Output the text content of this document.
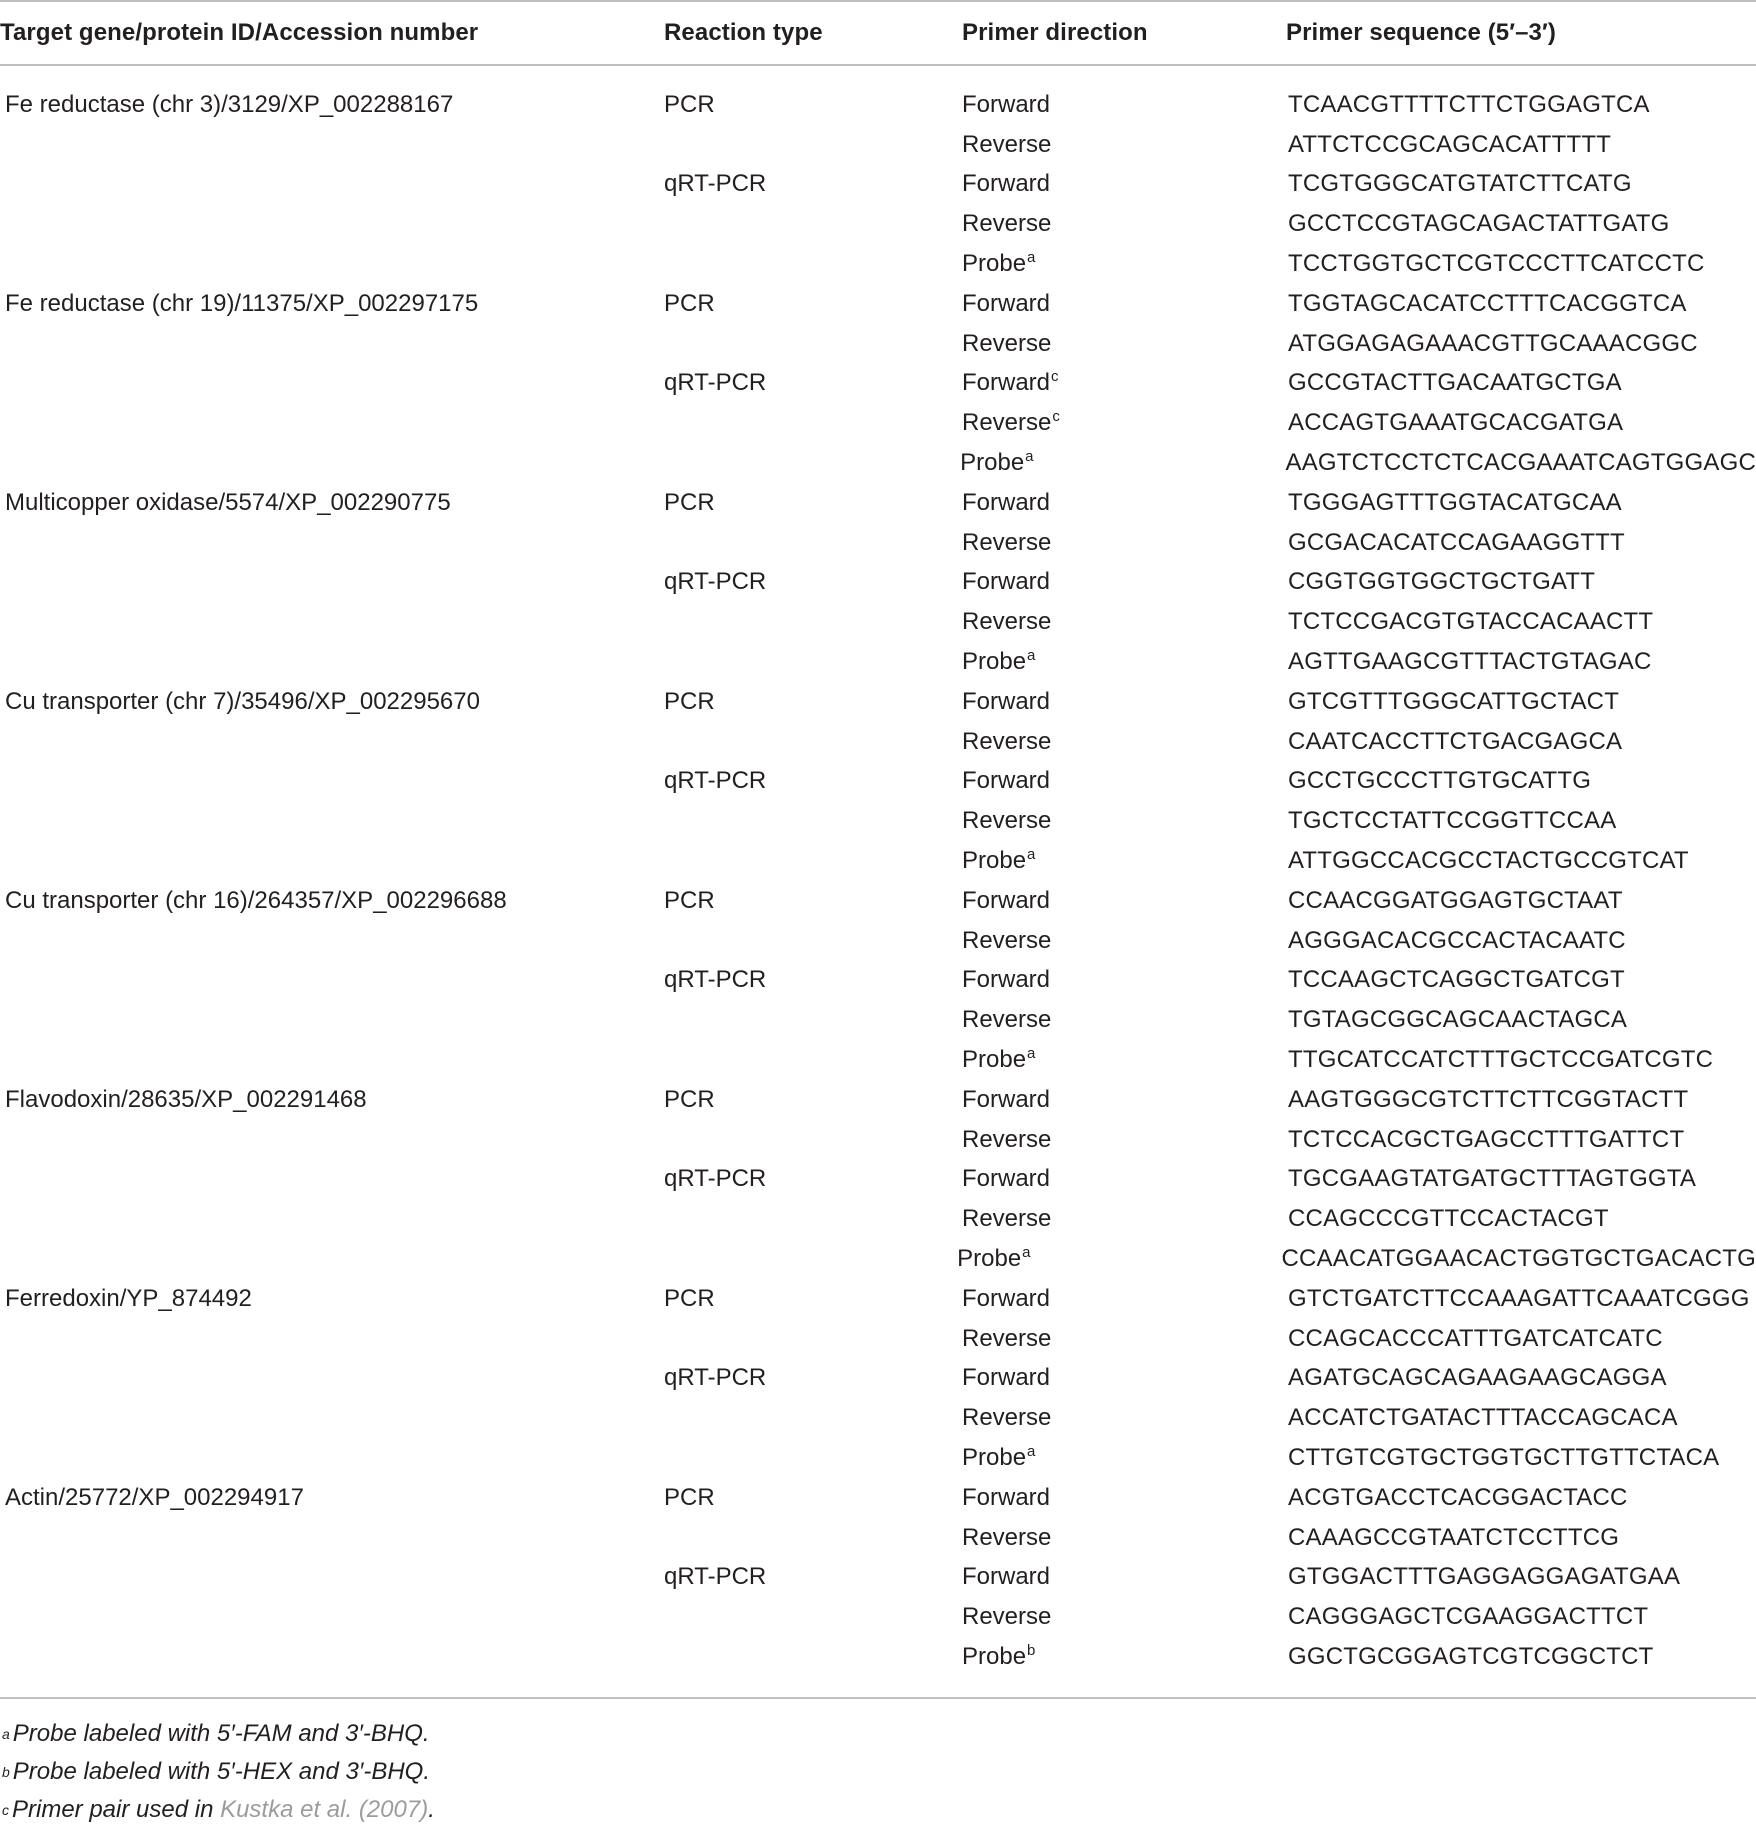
Target gene/protein ID/Accession number	Reaction type	Primer direction	Primer sequence (5′–3′)
Fe reductase (chr 3)/3129/XP_002288167	PCR	Forward	TCAACGTTTTCTTCTGGAGTCA
Reverse	ATTCTCCGCAGCACATTTTT
qRT-PCR	Forward	TCGTGGGCATGTATCTTCATG
Reverse	GCCTCCGTAGCAGACTATTGATG
Probe$^a$	TCCTGGTGCTCGTCCCTTCATCCTC
Fe reductase (chr 19)/11375/XP_002297175	PCR	Forward	TGGTAGCACATCCTTTCACGGTCA
Reverse	ATGGAGAGAAACGTTGCAAACGGC
qRT-PCR	Forward$^c$	GCCGTACTTGACAATGCTGA
Reverse$^c$	ACCAGTGAAATGCACGATGA
Probe$^a$	AAGTCTCCTCTCACGAAATCAGTGGAGC
Multicopper oxidase/5574/XP_002290775	PCR	Forward	TGGGAGTTTGGTACATGCAA
Reverse	GCGACACATCCAGAAGGTTT
qRT-PCR	Forward	CGGTGGTGGCTGCTGATT
Reverse	TCTCCGACGTGTACCACAACTT
Probe$^a$	AGTTGAAGCGTTTACTGTAGAC
Cu transporter (chr 7)/35496/XP_002295670	PCR	Forward	GTCGTTTGGGCATTGCTACT
Reverse	CAATCACCTTCTGACGAGCA
qRT-PCR	Forward	GCCTGCCCTTGTGCATTG
Reverse	TGCTCCTATTCCGGTTCCAA
Probe$^a$	ATTGGCCACGCCTACTGCCGTCAT
Cu transporter (chr 16)/264357/XP_002296688	PCR	Forward	CCAACGGATGGAGTGCTAAT
Reverse	AGGGACACGCCACTACAATC
qRT-PCR	Forward	TCCAAGCTCAGGCTGATCGT
Reverse	TGTAGCGGCAGCAACTAGCA
Probe$^a$	TTGCATCCATCTTTGCTCCGATCGTC
Flavodoxin/28635/XP_002291468	PCR	Forward	AAGTGGGCGTCTTCTTCGGTACTT
Reverse	TCTCCACGCTGAGCCTTTGATTCT
qRT-PCR	Forward	TGCGAAGTATGATGCTTTAGTGGTA
Reverse	CCAGCCCGTTCCACTACGT
Probe$^a$	CCAACATGGAACACTGGTGCTGACACTG
Ferredoxin/YP_874492	PCR	Forward	GTCTGATCTTCCAAAGATTCAAATCGGG
Reverse	CCAGCACCCATTTGATCATCATC
qRT-PCR	Forward	AGATGCAGCAGAAGAAGCAGGA
Reverse	ACCATCTGATACTTTACCAGCACA
Probe$^a$	CTTGTCGTGCTGGTGCTTGTTCTACA
Actin/25772/XP_002294917	PCR	Forward	ACGTGACCTCACGGACTACC
Reverse	CAAAGCCGTAATCTCCTTCG
qRT-PCR	Forward	GTGGACTTTGAGGAGGAGATGAA
Reverse	CAGGGAGCTCGAAGGACTTCT
Probe$^b$	GGCTGCGGAGTCGTCGGCTCT
a Probe labeled with 5′-FAM and 3′-BHQ.
b Probe labeled with 5′-HEX and 3′-BHQ.
c Primer pair used in Kustka et al. (2007) .
